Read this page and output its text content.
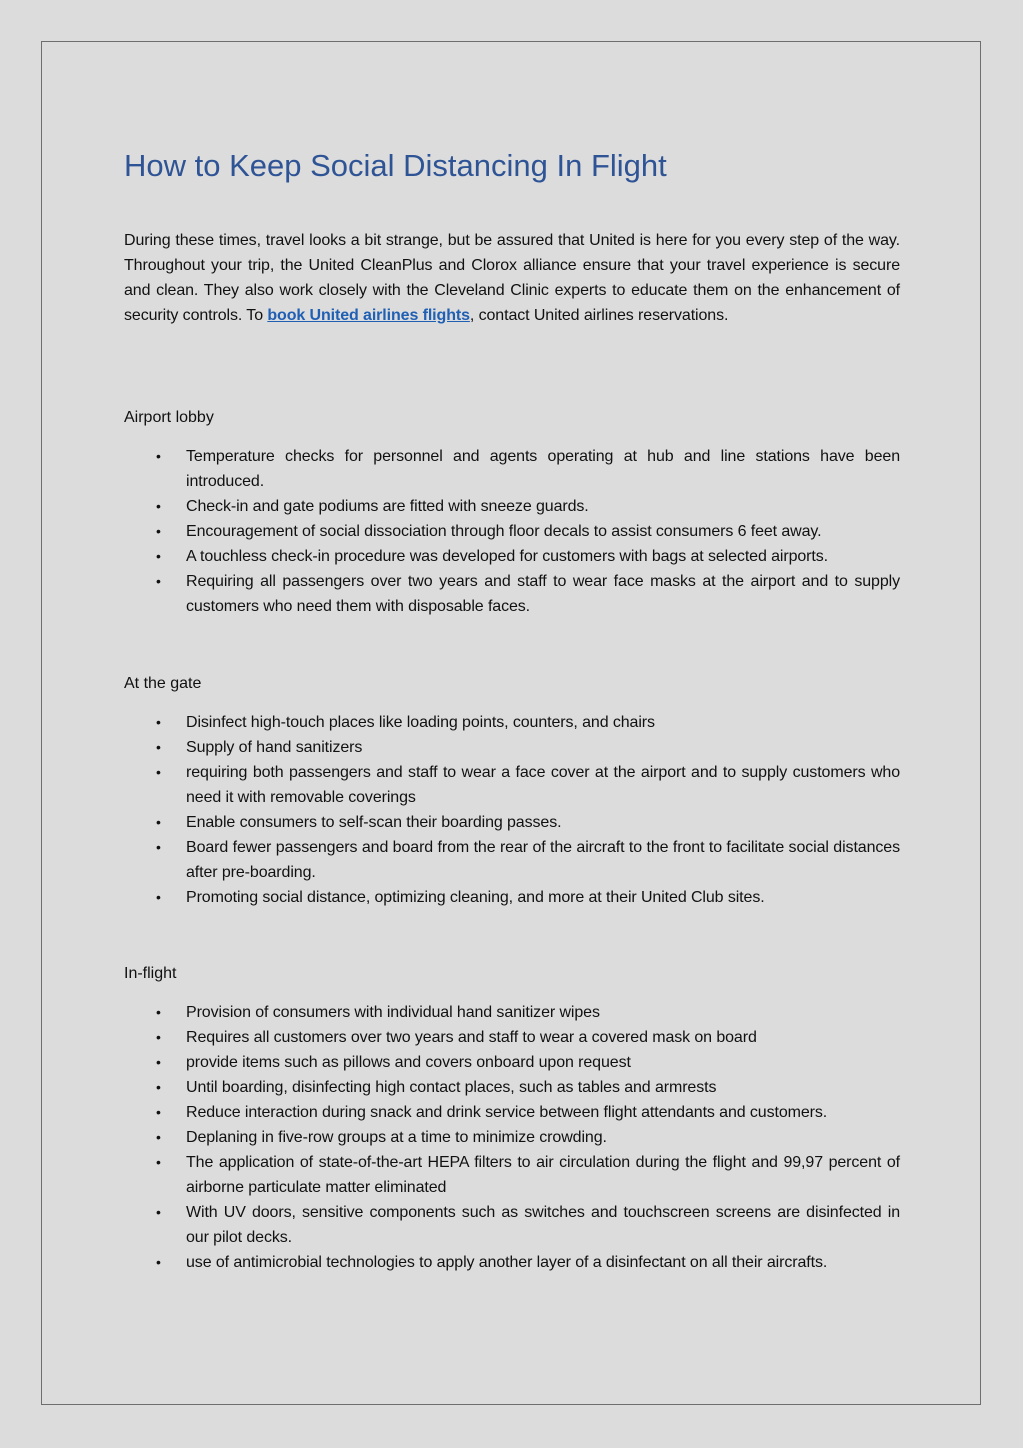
How to Keep Social Distancing In Flight

During these times, travel looks a bit strange, but be assured that United is here for you every step of the way. Throughout your trip, the United CleanPlus and Clorox alliance ensure that your travel experience is secure and clean. They also work closely with the Cleveland Clinic experts to educate them on the enhancement of security controls. To book United airlines flights, contact United airlines reservations.

Airport lobby
• Temperature checks for personnel and agents operating at hub and line stations have been introduced.
• Check-in and gate podiums are fitted with sneeze guards.
• Encouragement of social dissociation through floor decals to assist consumers 6 feet away.
• A touchless check-in procedure was developed for customers with bags at selected airports.
• Requiring all passengers over two years and staff to wear face masks at the airport and to supply customers who need them with disposable faces.
At the gate
• Disinfect high-touch places like loading points, counters, and chairs
• Supply of hand sanitizers
• requiring both passengers and staff to wear a face cover at the airport and to supply customers who need it with removable coverings
• Enable consumers to self-scan their boarding passes.
• Board fewer passengers and board from the rear of the aircraft to the front to facilitate social distances after pre-boarding.
• Promoting social distance, optimizing cleaning, and more at their United Club sites.
In-flight
• Provision of consumers with individual hand sanitizer wipes
• Requires all customers over two years and staff to wear a covered mask on board
• provide items such as pillows and covers onboard upon request
• Until boarding, disinfecting high contact places, such as tables and armrests
• Reduce interaction during snack and drink service between flight attendants and customers.
• Deplaning in five-row groups at a time to minimize crowding.
• The application of state-of-the-art HEPA filters to air circulation during the flight and 99,97 percent of airborne particulate matter eliminated
• With UV doors, sensitive components such as switches and touchscreen screens are disinfected in our pilot decks.
• use of antimicrobial technologies to apply another layer of a disinfectant on all their aircrafts.
